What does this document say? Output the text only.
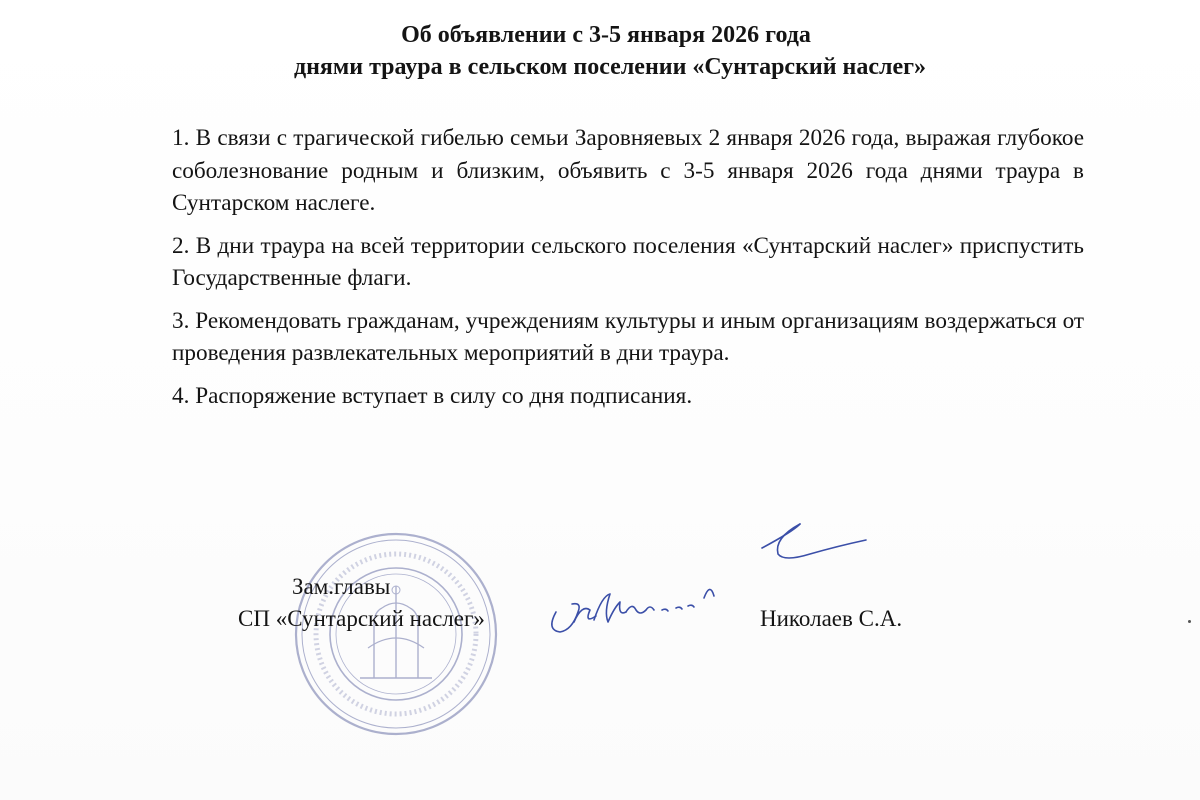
Об объявлении с 3-5 января 2026 года
днями траура в сельском поселении «Сунтарский наслег»

1. В связи с трагической гибелью семьи Заровняевых 2 января 2026 года, выражая глубокое соболезнование родным и близким, объявить с 3-5 января 2026 года днями траура в Сунтарском наслеге.

2. В дни траура на всей территории сельского поселения «Сунтарский наслег» приспустить Государственные флаги.

3. Рекомендовать гражданам, учреждениям культуры и иным организациям воздержаться от проведения развлекательных мероприятий в дни траура.

4. Распоряжение вступает в силу со дня подписания.

Зам.главы
СП «Сунтарский наслег»	Николаев С.А.
